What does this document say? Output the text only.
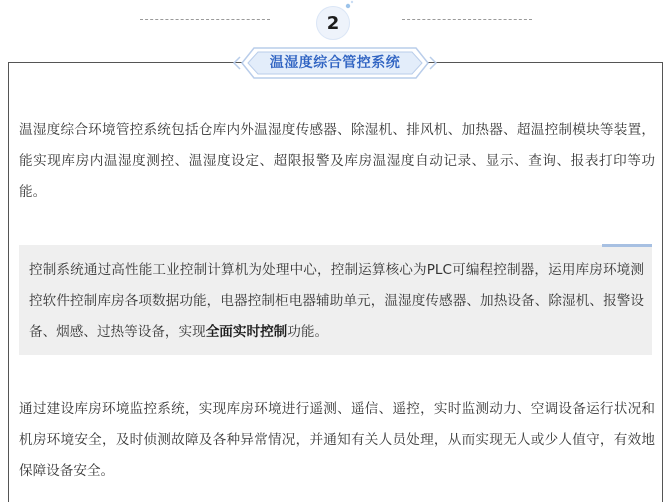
2
温湿度综合管控系统

温湿度综合环境管控系统包括仓库内外温湿度传感器、除湿机、排风机、加热器、超温控制模块等装置，能实现库房内温湿度测控、温湿度设定、超限报警及库房温湿度自动记录、显示、查询、报表打印等功能。

控制系统通过高性能工业控制计算机为处理中心，控制运算核心为PLC可编程控制器，运用库房环境测控软件控制库房各项数据功能，电器控制柜电器辅助单元，温湿度传感器、加热设备、除湿机、报警设备、烟感、过热等设备，实现全面实时控制功能。

通过建设库房环境监控系统，实现库房环境进行遥测、遥信、遥控，实时监测动力、空调设备运行状况和机房环境安全，及时侦测故障及各种异常情况，并通知有关人员处理，从而实现无人或少人值守，有效地保障设备安全。
